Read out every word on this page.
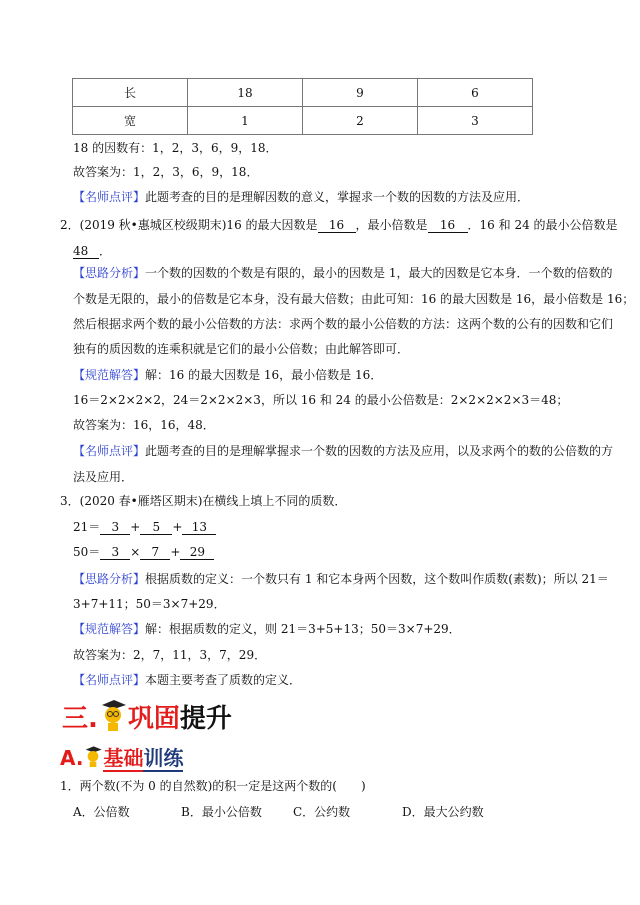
长	18	9	6
宽	1	2	3
18 的因数有：1，2，3，6，9，18．
故答案为：1，2，3，6，9，18．
【名师点评】此题考查的目的是理解因数的意义，掌握求一个数的因数的方法及应用．
2．(2019 秋•惠城区校级期末)16 的最大因数是 16 ，最小倍数是 16 ．16 和 24 的最小公倍数是
48 ．
【思路分析】一个数的因数的个数是有限的，最小的因数是 1，最大的因数是它本身．一个数的倍数的
个数是无限的，最小的倍数是它本身，没有最大倍数；由此可知：16 的最大因数是 16，最小倍数是 16；
然后根据求两个数的最小公倍数的方法：求两个数的最小公倍数的方法：这两个数的公有的因数和它们
独有的质因数的连乘积就是它们的最小公倍数；由此解答即可．
【规范解答】解：16 的最大因数是 16，最小倍数是 16．
16＝2×2×2×2，24＝2×2×2×3，所以 16 和 24 的最小公倍数是：2×2×2×2×3＝48；
故答案为：16，16，48．
【名师点评】此题考查的目的是理解掌握求一个数的因数的方法及应用，以及求两个的数的公倍数的方
法及应用．
3．(2020 春•雁塔区期末)在横线上填上不同的质数．
21＝ 3 + 5 + 13
50＝ 3 × 7 + 29
【思路分析】根据质数的定义：一个数只有 1 和它本身两个因数，这个数叫作质数(素数)；所以 21＝
3+7+11；50＝3×7+29．
【规范解答】解：根据质数的定义，则 21＝3+5+13；50＝3×7+29．
故答案为：2，7，11，3，7，29．
【名师点评】本题主要考查了质数的定义．
三. 巩固提升
A. 基础训练
1．两个数(不为 0 的自然数)的积一定是这两个数的(　　)
A．公倍数	B．最小公倍数	C．公约数	D．最大公约数
